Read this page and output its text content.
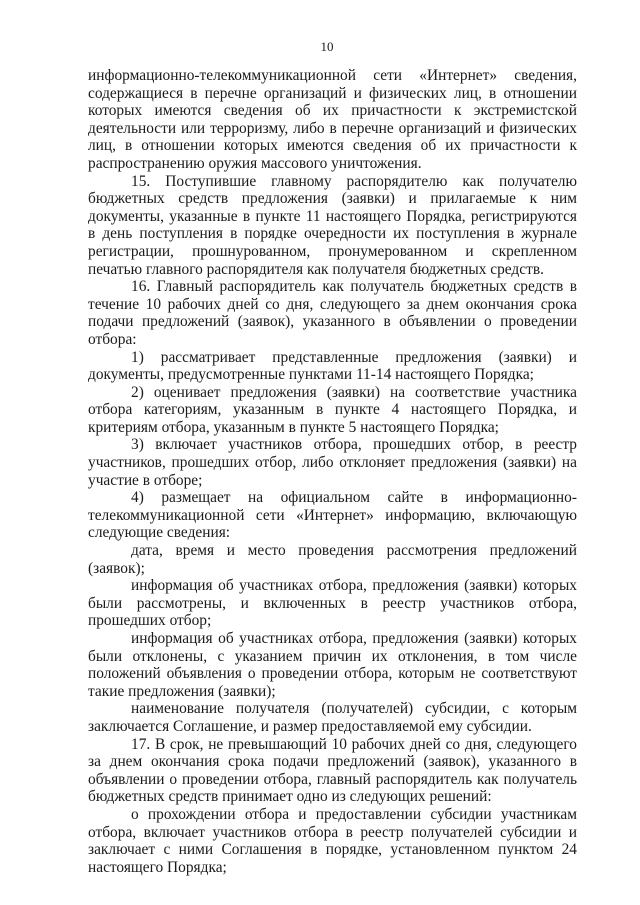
10

информационно-телекоммуникационной сети «Интернет» сведения, содержащиеся в перечне организаций и физических лиц, в отношении которых имеются сведения об их причастности к экстремистской деятельности или терроризму, либо в перечне организаций и физических лиц, в отношении которых имеются сведения об их причастности к распространению оружия массового уничтожения.

15. Поступившие главному распорядителю как получателю бюджетных средств предложения (заявки) и прилагаемые к ним документы, указанные в пункте 11 настоящего Порядка, регистрируются в день поступления в порядке очередности их поступления в журнале регистрации, прошнурованном, пронумерованном и скрепленном печатью главного распорядителя как получателя бюджетных средств.

16. Главный распорядитель как получатель бюджетных средств в течение 10 рабочих дней со дня, следующего за днем окончания срока подачи предложений (заявок), указанного в объявлении о проведении отбора:

1) рассматривает представленные предложения (заявки) и документы, предусмотренные пунктами 11-14 настоящего Порядка;

2) оценивает предложения (заявки) на соответствие участника отбора категориям, указанным в пункте 4 настоящего Порядка, и критериям отбора, указанным в пункте 5 настоящего Порядка;

3) включает участников отбора, прошедших отбор, в реестр участников, прошедших отбор, либо отклоняет предложения (заявки) на участие в отборе;

4) размещает на официальном сайте в информационно-телекоммуникационной сети «Интернет» информацию, включающую следующие сведения:

дата, время и место проведения рассмотрения предложений (заявок);

информация об участниках отбора, предложения (заявки) которых были рассмотрены, и включенных в реестр участников отбора, прошедших отбор;

информация об участниках отбора, предложения (заявки) которых были отклонены, с указанием причин их отклонения, в том числе положений объявления о проведении отбора, которым не соответствуют такие предложения (заявки);

наименование получателя (получателей) субсидии, с которым заключается Соглашение, и размер предоставляемой ему субсидии.

17. В срок, не превышающий 10 рабочих дней со дня, следующего за днем окончания срока подачи предложений (заявок), указанного в объявлении о проведении отбора, главный распорядитель как получатель бюджетных средств принимает одно из следующих решений:

о прохождении отбора и предоставлении субсидии участникам отбора, включает участников отбора в реестр получателей субсидии и заключает с ними Соглашения в порядке, установленном пунктом 24 настоящего Порядка;
